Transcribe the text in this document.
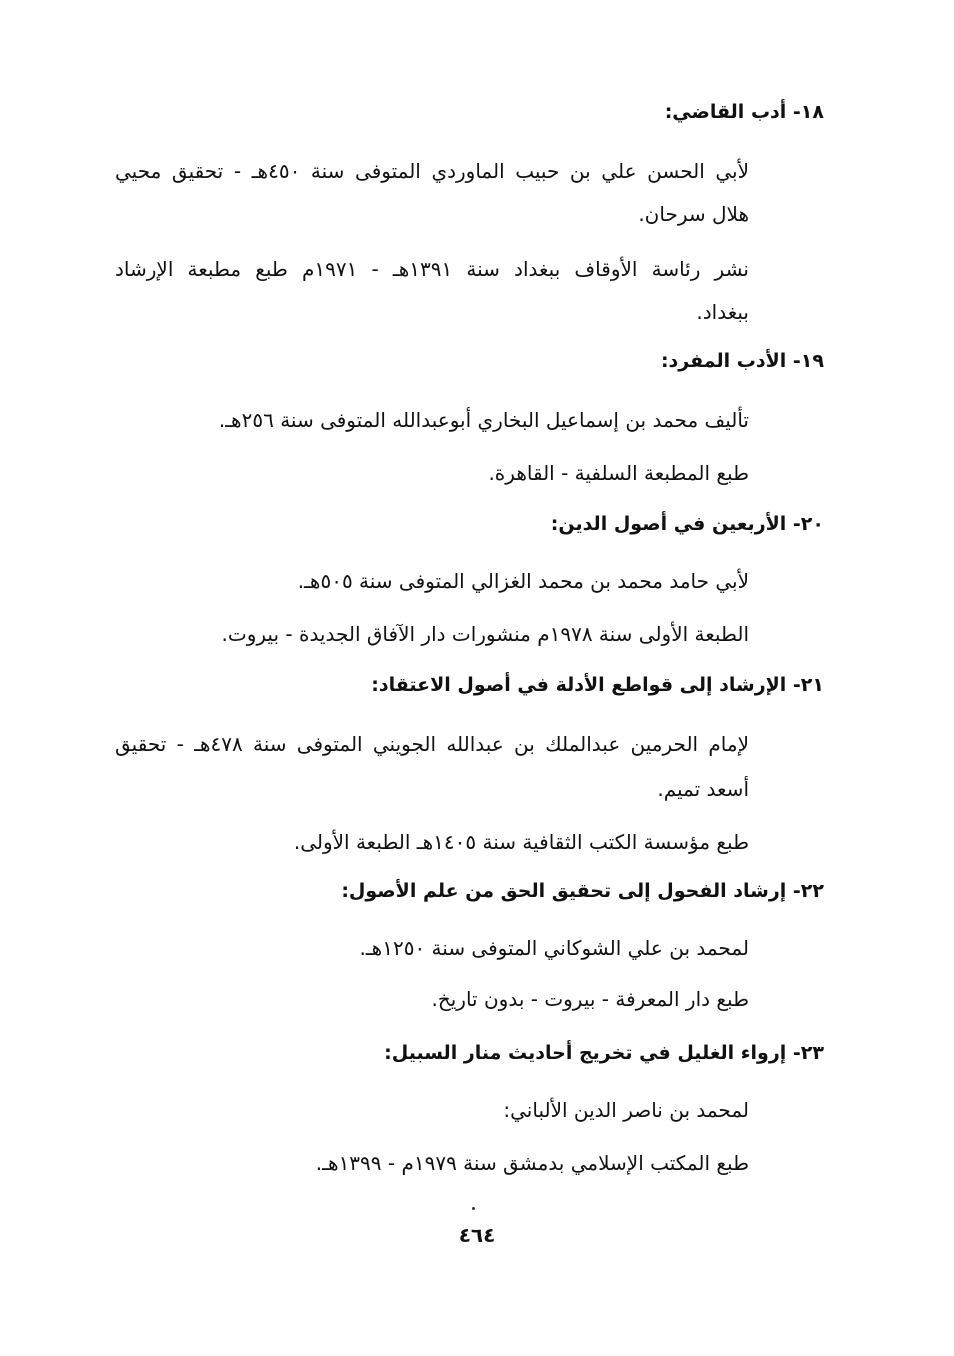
١٨- أدب القاضي:
لأبي الحسن علي بن حبيب الماوردي المتوفى سنة ٤٥٠هـ - تحقيق محيي
هلال سرحان.
نشر رئاسة الأوقاف ببغداد سنة ١٣٩١هـ - ١٩٧١م طبع مطبعة الإرشاد
ببغداد.
١٩- الأدب المفرد:
تأليف محمد بن إسماعيل البخاري أبوعبدالله المتوفى سنة ٢٥٦هـ.
طبع المطبعة السلفية - القاهرة.
٢٠- الأربعين في أصول الدين:
لأبي حامد محمد بن محمد الغزالي المتوفى سنة ٥٠٥هـ.
الطبعة الأولى سنة ١٩٧٨م منشورات دار الآفاق الجديدة - بيروت.
٢١- الإرشاد إلى قواطع الأدلة في أصول الاعتقاد:
لإمام الحرمين عبدالملك بن عبدالله الجويني المتوفى سنة ٤٧٨هـ - تحقيق
أسعد تميم.
طبع مؤسسة الكتب الثقافية سنة ١٤٠٥هـ الطبعة الأولى.
٢٢- إرشاد الفحول إلى تحقيق الحق من علم الأصول:
لمحمد بن علي الشوكاني المتوفى سنة ١٢٥٠هـ.
طبع دار المعرفة - بيروت - بدون تاريخ.
٢٣- إرواء الغليل في تخريج أحاديث منار السبيل:
لمحمد بن ناصر الدين الألباني:
طبع المكتب الإسلامي بدمشق سنة ١٩٧٩م - ١٣٩٩هـ.
٤٦٤
